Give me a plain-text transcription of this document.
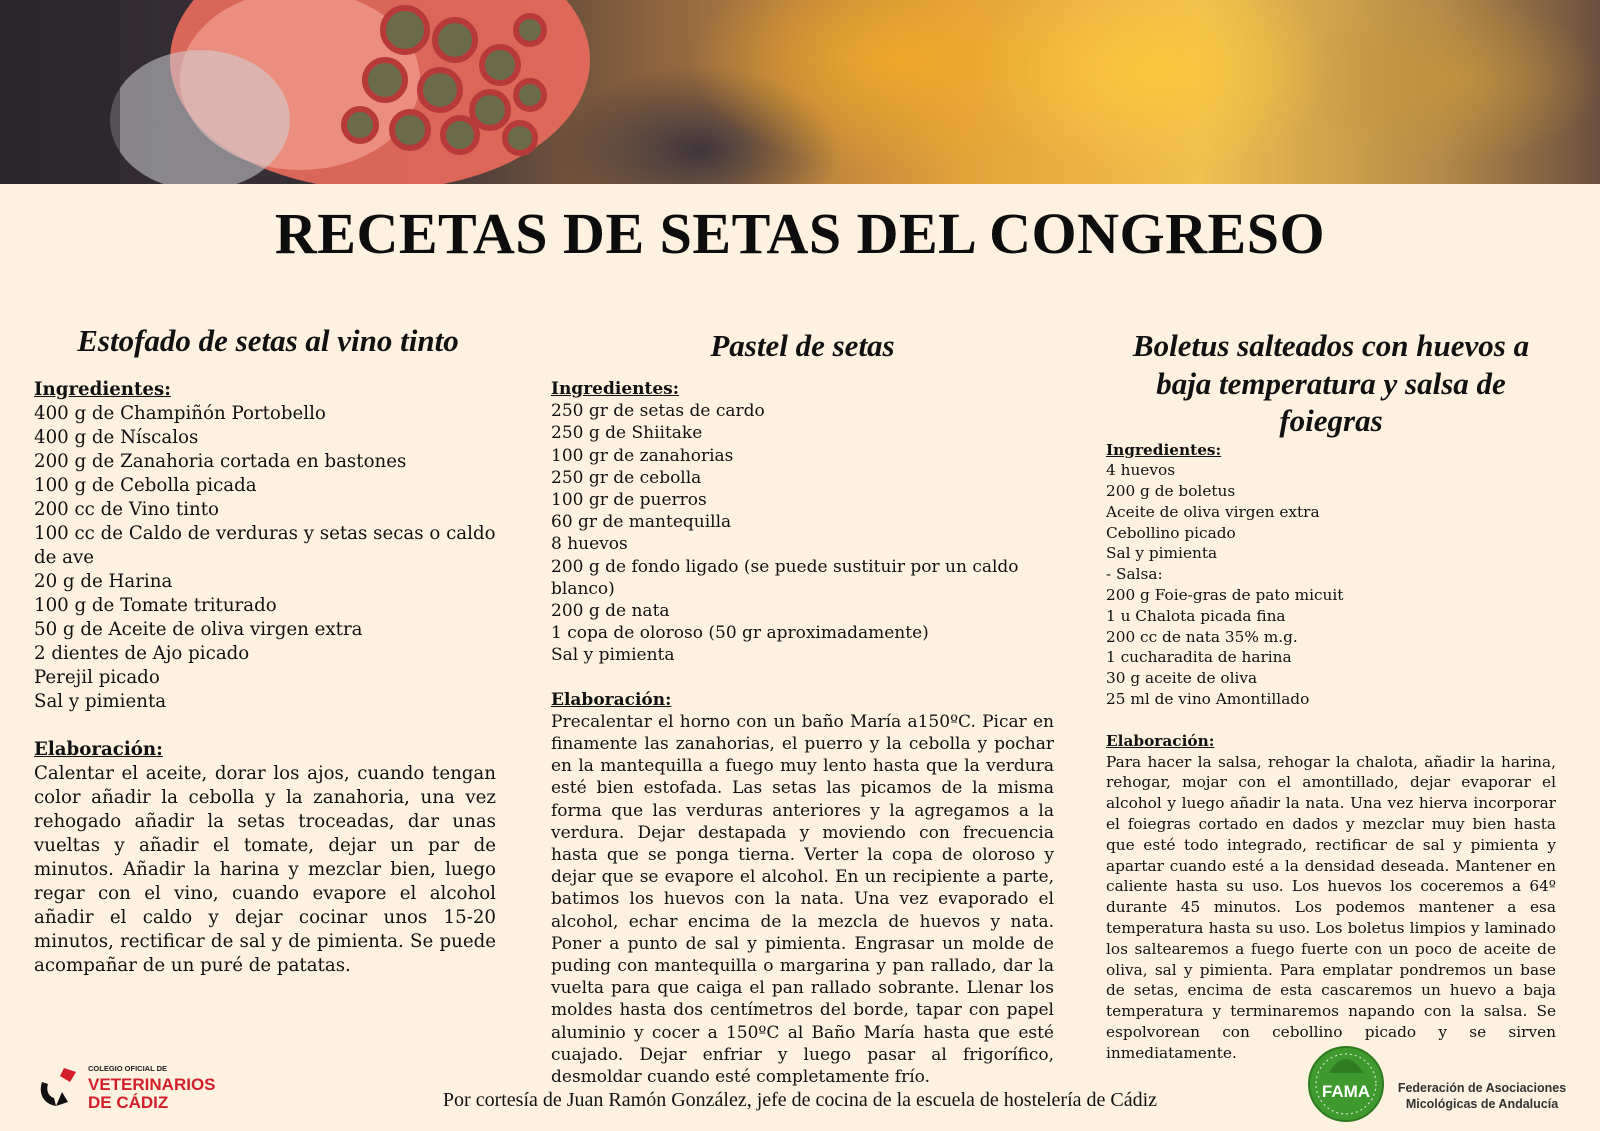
RECETAS DE SETAS DEL CONGRESO
Estofado de setas al vino tinto

Ingredientes:

400 g de Champiñón Portobello
400 g de Níscalos
200 g de Zanahoria cortada en bastones
100 g de Cebolla picada
200 cc de Vino tinto
100 cc de Caldo de verduras y setas secas o caldo de ave
20 g de Harina
100 g de Tomate triturado
50 g de Aceite de oliva virgen extra
2 dientes de Ajo picado
Perejil picado
Sal y pimienta

Elaboración:

Calentar el aceite, dorar los ajos, cuando tengan color añadir la cebolla y la zanahoria, una vez rehogado añadir la setas troceadas, dar unas vueltas y añadir el tomate, dejar un par de minutos. Añadir la harina y mezclar bien, luego regar con el vino, cuando evapore el alcohol añadir el caldo y dejar cocinar unos 15-20 minutos, rectificar de sal y de pimienta. Se puede acompañar de un puré de patatas.

Pastel de setas

Ingredientes:

250 gr de setas de cardo
250 g de Shiitake
100 gr de zanahorias
250 gr de cebolla
100 gr de puerros
60 gr de mantequilla
8 huevos
200 g de fondo ligado (se puede sustituir por un caldo blanco)
200 g de nata
1 copa de oloroso (50 gr aproximadamente)
Sal y pimienta

Elaboración:

Precalentar el horno con un baño María a150ºC. Picar en finamente las zanahorias, el puerro y la cebolla y pochar en la mantequilla a fuego muy lento hasta que la verdura esté bien estofada. Las setas las picamos de la misma forma que las verduras anteriores y la agregamos a la verdura. Dejar destapada y moviendo con frecuencia hasta que se ponga tierna. Verter la copa de oloroso y dejar que se evapore el alcohol. En un recipiente a parte, batimos los huevos con la nata. Una vez evaporado el alcohol, echar encima de la mezcla de huevos y nata. Poner a punto de sal y pimienta. Engrasar un molde de puding con mantequilla o margarina y pan rallado, dar la vuelta para que caiga el pan rallado sobrante. Llenar los moldes hasta dos centímetros del borde, tapar con papel aluminio y cocer a 150ºC al Baño María hasta que esté cuajado. Dejar enfriar y luego pasar al frigorífico, desmoldar cuando esté completamente frío.

Boletus salteados con huevos a baja temperatura y salsa de foiegras

Ingredientes:

4 huevos
200 g de boletus
Aceite de oliva virgen extra
Cebollino picado
Sal y pimienta
- Salsa:
200 g Foie-gras de pato micuit
1 u Chalota picada fina
200 cc de nata 35% m.g.
1 cucharadita de harina
30 g aceite de oliva
25 ml de vino Amontillado

Elaboración:

Para hacer la salsa, rehogar la chalota, añadir la harina, rehogar, mojar con el amontillado, dejar evaporar el alcohol y luego añadir la nata. Una vez hierva incorporar el foiegras cortado en dados y mezclar muy bien hasta que esté todo integrado, rectificar de sal y pimienta y apartar cuando esté a la densidad deseada. Mantener en caliente hasta su uso. Los huevos los coceremos a 64º durante 45 minutos. Los podemos mantener a esa temperatura hasta su uso. Los boletus limpios y laminado los saltearemos a fuego fuerte con un poco de aceite de oliva, sal y pimienta. Para emplatar pondremos un base de setas, encima de esta cascaremos un huevo a baja temperatura y terminaremos napando con la salsa. Se espolvorean con cebollino picado y se sirven inmediatamente.

COLEGIO OFICIAL DE
VETERINARIOS
DE CÁDIZ	Por cortesía de Juan Ramón González, jefe de cocina de la escuela de hostelería de Cádiz	FAMA	Federación de Asociaciones
Micológicas de Andalucía
